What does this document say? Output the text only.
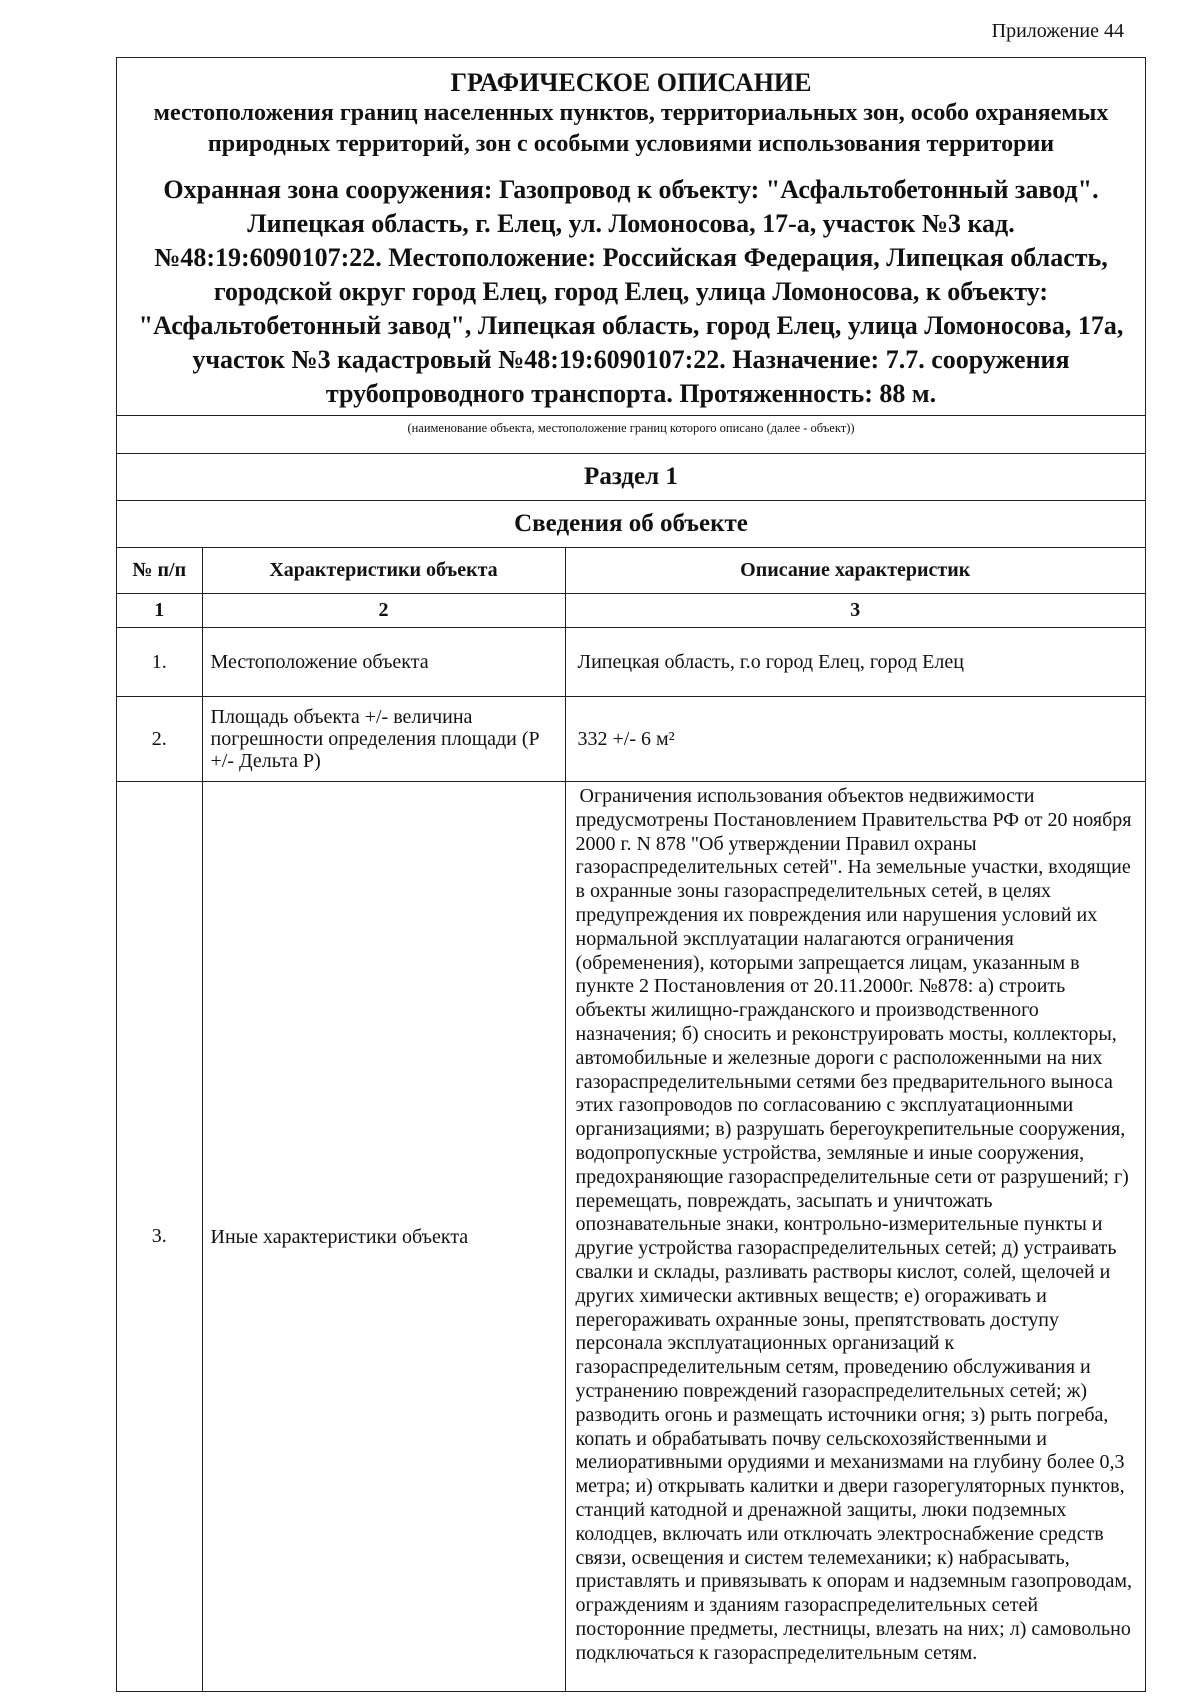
Приложение 44
ГРАФИЧЕСКОЕ ОПИСАНИЕ
местоположения границ населенных пунктов, территориальных зон, особо охраняемых природных территорий, зон с особыми условиями использования территории
Охранная зона сооружения: Газопровод к объекту: "Асфальтобетонный завод". Липецкая область, г. Елец, ул. Ломоносова, 17-а, участок №3 кад. №48:19:6090107:22. Местоположение: Российская Федерация, Липецкая область, городской округ город Елец, город Елец, улица Ломоносова, к объекту: "Асфальтобетонный завод", Липецкая область, город Елец, улица Ломоносова, 17а, участок №3 кадастровый №48:19:6090107:22. Назначение: 7.7. сооружения трубопроводного транспорта. Протяженность: 88 м.
(наименование объекта, местоположение границ которого описано (далее - объект))
Раздел 1
Сведения об объекте
№ п/п	Характеристики объекта	Описание характеристик
1	2	3
1.	Местоположение объекта	Липецкая область, г.о город Елец, город Елец
2.	Площадь объекта +/- величина погрешности определения площади (P +/- Дельта P)	332 +/- 6 м²
3.	Иные характеристики объекта	Ограничения использования объектов недвижимости предусмотрены Постановлением Правительства РФ от 20 ноября 2000 г. N 878 "Об утверждении Правил охраны газораспределительных сетей". На земельные участки, входящие в охранные зоны газораспределительных сетей, в целях предупреждения их повреждения или нарушения условий их нормальной эксплуатации налагаются ограничения (обременения), которыми запрещается лицам, указанным в пункте 2 Постановления от 20.11.2000г. №878: а) строить объекты жилищно-гражданского и производственного назначения; б) сносить и реконструировать мосты, коллекторы, автомобильные и железные дороги с расположенными на них газораспределительными сетями без предварительного выноса этих газопроводов по согласованию с эксплуатационными организациями; в) разрушать берегоукрепительные сооружения, водопропускные устройства, земляные и иные сооружения, предохраняющие газораспределительные сети от разрушений; г) перемещать, повреждать, засыпать и уничтожать опознавательные знаки, контрольно-измерительные пункты и другие устройства газораспределительных сетей; д) устраивать свалки и склады, разливать растворы кислот, солей, щелочей и других химически активных веществ; е) огораживать и перегораживать охранные зоны, препятствовать доступу персонала эксплуатационных организаций к газораспределительным сетям, проведению обслуживания и устранению повреждений газораспределительных сетей; ж) разводить огонь и размещать источники огня; з) рыть погреба, копать и обрабатывать почву сельскохозяйственными и мелиоративными орудиями и механизмами на глубину более 0,3 метра; и) открывать калитки и двери газорегуляторных пунктов, станций катодной и дренажной защиты, люки подземных колодцев, включать или отключать электроснабжение средств связи, освещения и систем телемеханики; к) набрасывать, приставлять и привязывать к опорам и надземным газопроводам, ограждениям и зданиям газораспределительных сетей посторонние предметы, лестницы, влезать на них; л) самовольно подключаться к газораспределительным сетям.
